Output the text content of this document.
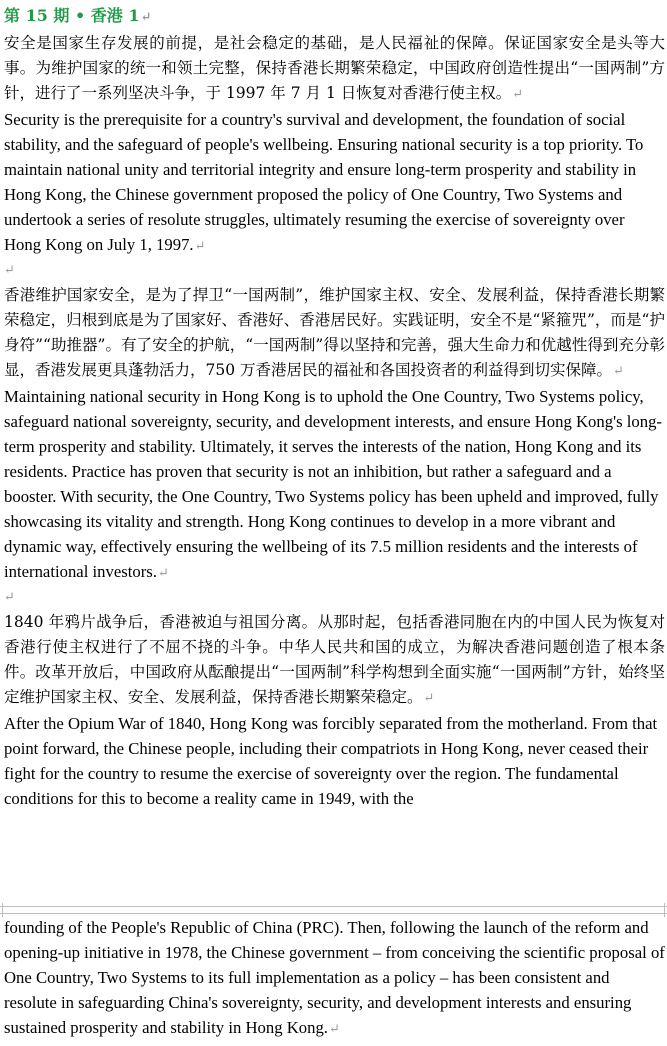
第 15 期 • 香港 1↵

安全是国家生存发展的前提，是社会稳定的基础，是人民福祉的保障。保证国家安全是头等大事。为维护国家的统一和领土完整，保持香港长期繁荣稳定，中国政府创造性提出“一国两制”方针，进行了一系列坚决斗争，于 1997 年 7 月 1 日恢复对香港行使主权。↵

Security is the prerequisite for a country's survival and development, the foundation of social stability, and the safeguard of people's wellbeing. Ensuring national security is a top priority. To maintain national unity and territorial integrity and ensure long-term prosperity and stability in Hong Kong, the Chinese government proposed the policy of One Country, Two Systems and undertook a series of resolute struggles, ultimately resuming the exercise of sovereignty over Hong Kong on July 1, 1997.↵

↵

香港维护国家安全，是为了捍卫“一国两制”，维护国家主权、安全、发展利益，保持香港长期繁荣稳定，归根到底是为了国家好、香港好、香港居民好。实践证明，安全不是“紧箍咒”，而是“护身符”“助推器”。有了安全的护航，“一国两制”得以坚持和完善，强大生命力和优越性得到充分彰显，香港发展更具蓬勃活力，750 万香港居民的福祉和各国投资者的利益得到切实保障。↵

Maintaining national security in Hong Kong is to uphold the One Country, Two Systems policy, safeguard national sovereignty, security, and development interests, and ensure Hong Kong's long-term prosperity and stability. Ultimately, it serves the interests of the nation, Hong Kong and its residents. Practice has proven that security is not an inhibition, but rather a safeguard and a booster. With security, the One Country, Two Systems policy has been upheld and improved, fully showcasing its vitality and strength. Hong Kong continues to develop in a more vibrant and dynamic way, effectively ensuring the wellbeing of its 7.5 million residents and the interests of international investors.↵

↵

1840 年鸦片战争后，香港被迫与祖国分离。从那时起，包括香港同胞在内的中国人民为恢复对香港行使主权进行了不屈不挠的斗争。中华人民共和国的成立，为解决香港问题创造了根本条件。改革开放后，中国政府从酝酿提出“一国两制”科学构想到全面实施“一国两制”方针，始终坚定维护国家主权、安全、发展利益，保持香港长期繁荣稳定。↵

After the Opium War of 1840, Hong Kong was forcibly separated from the motherland. From that point forward, the Chinese people, including their compatriots in Hong Kong, never ceased their fight for the country to resume the exercise of sovereignty over the region. The fundamental conditions for this to become a reality came in 1949, with the

founding of the People's Republic of China (PRC). Then, following the launch of the reform and opening-up initiative in 1978, the Chinese government – from conceiving the scientific proposal of One Country, Two Systems to its full implementation as a policy – has been consistent and resolute in safeguarding China's sovereignty, security, and development interests and ensuring sustained prosperity and stability in Hong Kong.↵
